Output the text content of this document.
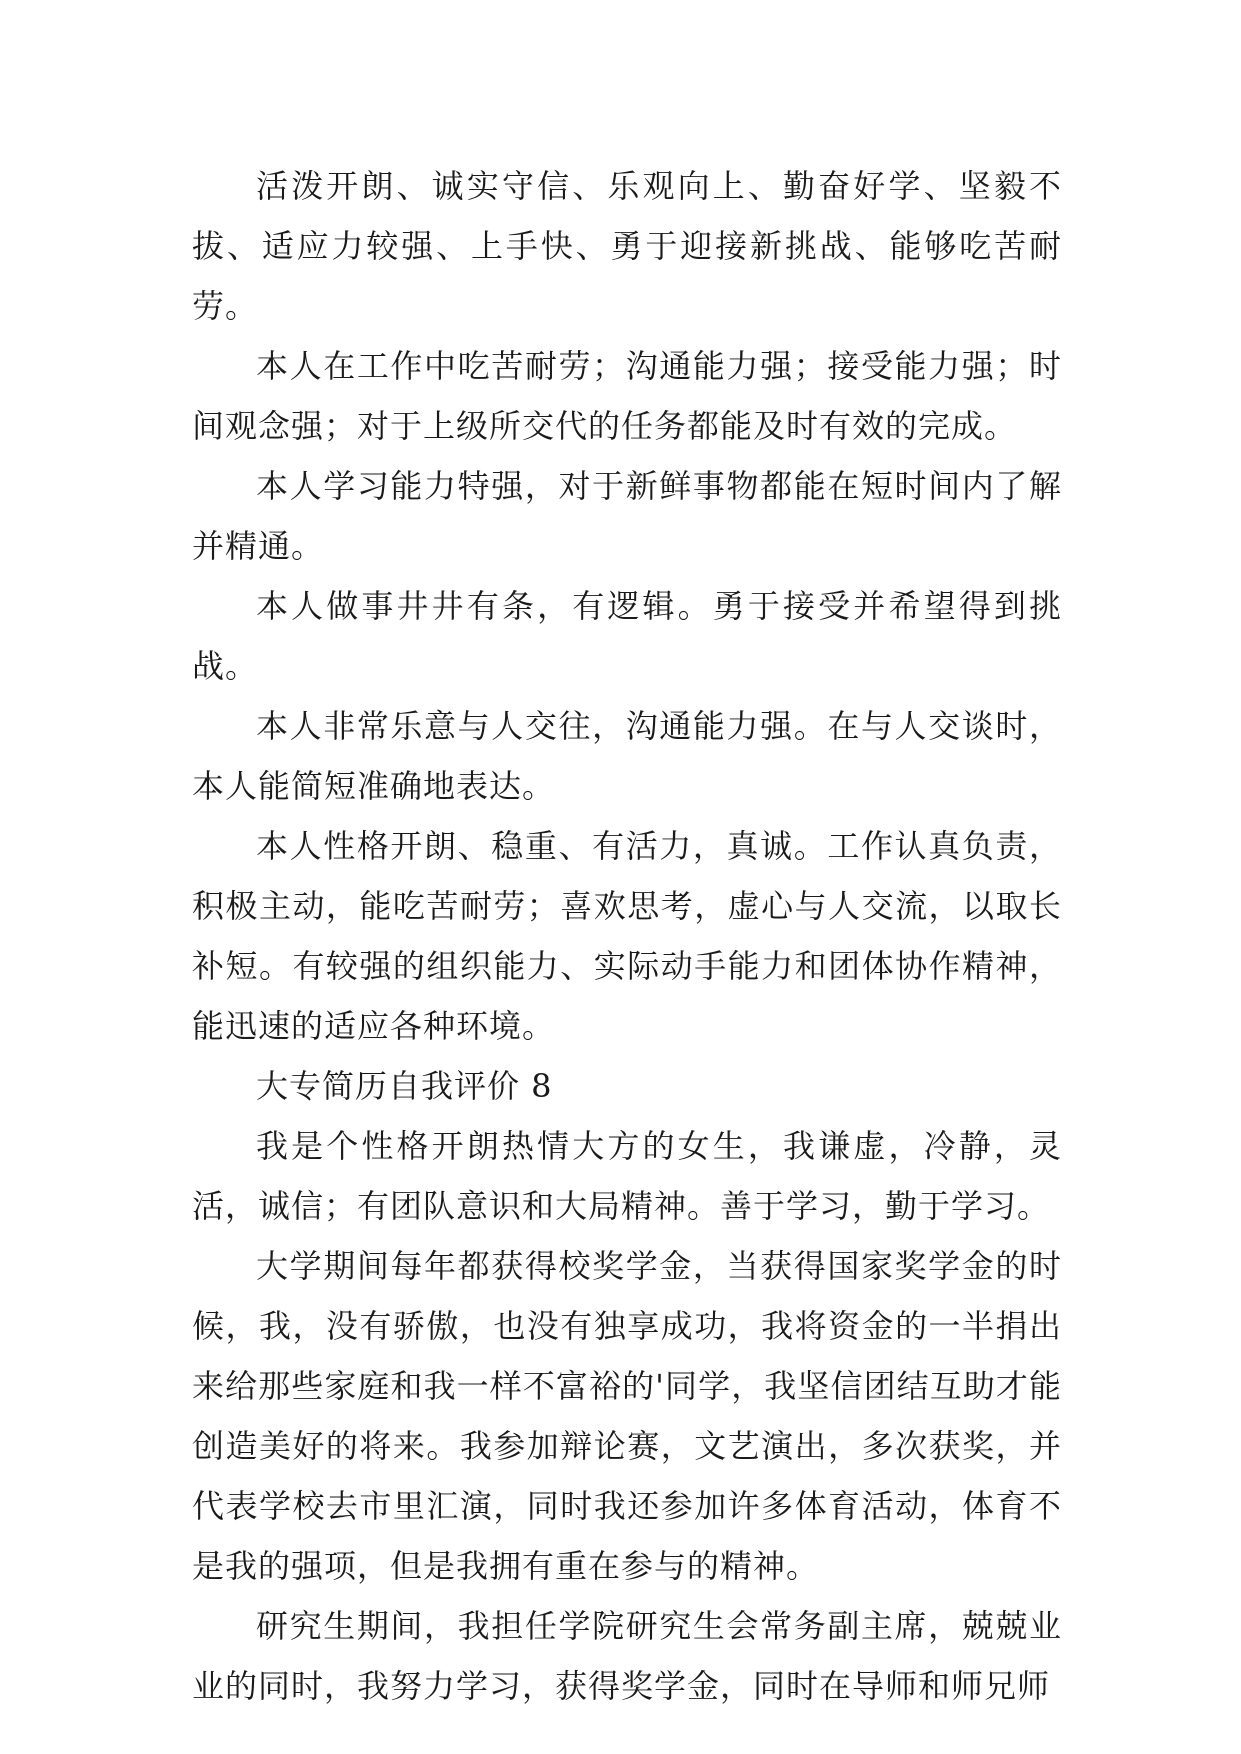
活泼开朗、诚实守信、乐观向上、勤奋好学、坚毅不拔、适应力较强、上手快、勇于迎接新挑战、能够吃苦耐劳。

本人在工作中吃苦耐劳；沟通能力强；接受能力强；时间观念强；对于上级所交代的任务都能及时有效的完成。

本人学习能力特强，对于新鲜事物都能在短时间内了解并精通。

本人做事井井有条，有逻辑。勇于接受并希望得到挑战。

本人非常乐意与人交往，沟通能力强。在与人交谈时，本人能简短准确地表达。

本人性格开朗、稳重、有活力，真诚。工作认真负责，积极主动，能吃苦耐劳；喜欢思考，虚心与人交流，以取长补短。有较强的组织能力、实际动手能力和团体协作精神，能迅速的适应各种环境。

大专简历自我评价 8

我是个性格开朗热情大方的女生，我谦虚，冷静，灵活，诚信；有团队意识和大局精神。善于学习，勤于学习。

大学期间每年都获得校奖学金，当获得国家奖学金的时候，我，没有骄傲，也没有独享成功，我将资金的一半捐出来给那些家庭和我一样不富裕的'同学，我坚信团结互助才能创造美好的将来。我参加辩论赛，文艺演出，多次获奖，并代表学校去市里汇演，同时我还参加许多体育活动，体育不是我的强项，但是我拥有重在参与的精神。

研究生期间，我担任学院研究生会常务副主席，兢兢业业的同时，我努力学习，获得奖学金，同时在导师和师兄师
